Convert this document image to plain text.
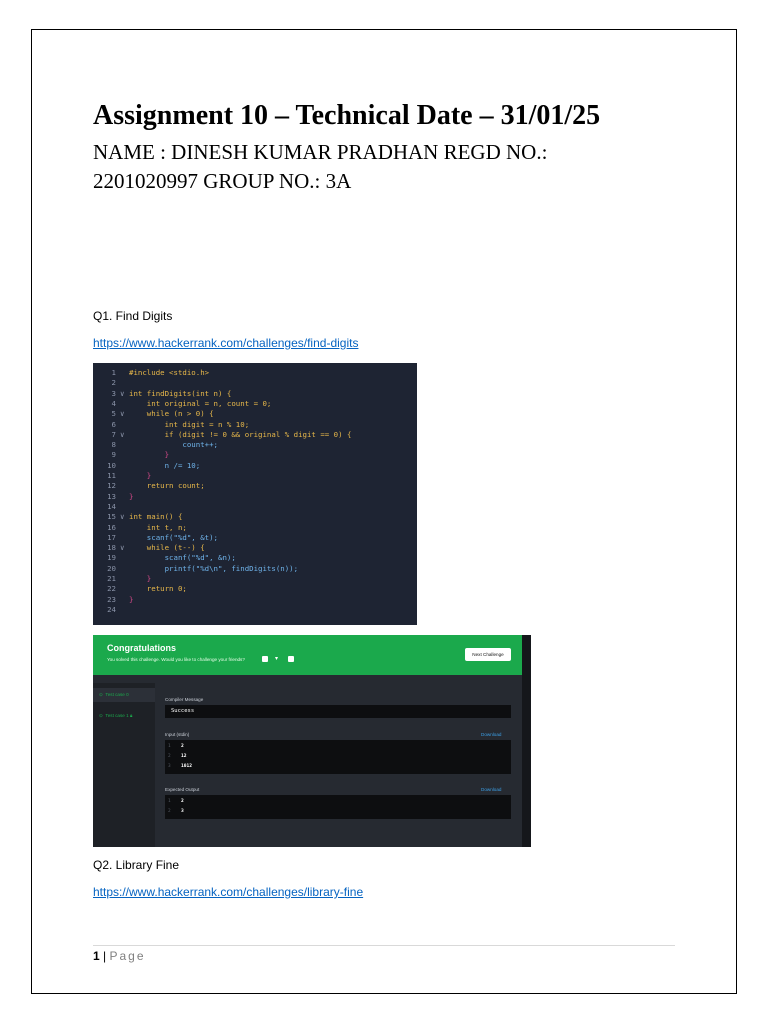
Assignment 10 – Technical Date – 31/01/25
NAME : DINESH KUMAR PRADHAN REGD NO.: 2201020997 GROUP NO.: 3A
Q1. Find Digits
https://www.hackerrank.com/challenges/find-digits
1 #include <stdio.h>
2
3 ∨ int findDigits(int n) {
4    int original = n, count = 0;
5 ∨    while (n > 0) {
6        int digit = n % 10;
7 ∨        if (digit != 0 && original % digit == 0) {
8            count++;
9        }
10        n /= 10;
11    }
12    return count;
13 }
14
15 ∨ int main() {
16    int t, n;
17    scanf("%d", &t);
18 ∨    while (t--) {
19        scanf("%d", &n);
20        printf("%d\n", findDigits(n));
21    }
22    return 0;
23 }
24
Congratulations
You solved this challenge. Would you like to challenge your friends?	▾
Next Challenge
⊙ Test case 0
⊙ Test case 1 🔒︎
Compiler Message
Success
Input (stdin)	Download
1 2
2 12
3 1012
Expected Output	Download
1 2
2 3
Q2. Library Fine
https://www.hackerrank.com/challenges/library-fine
1 | Page
